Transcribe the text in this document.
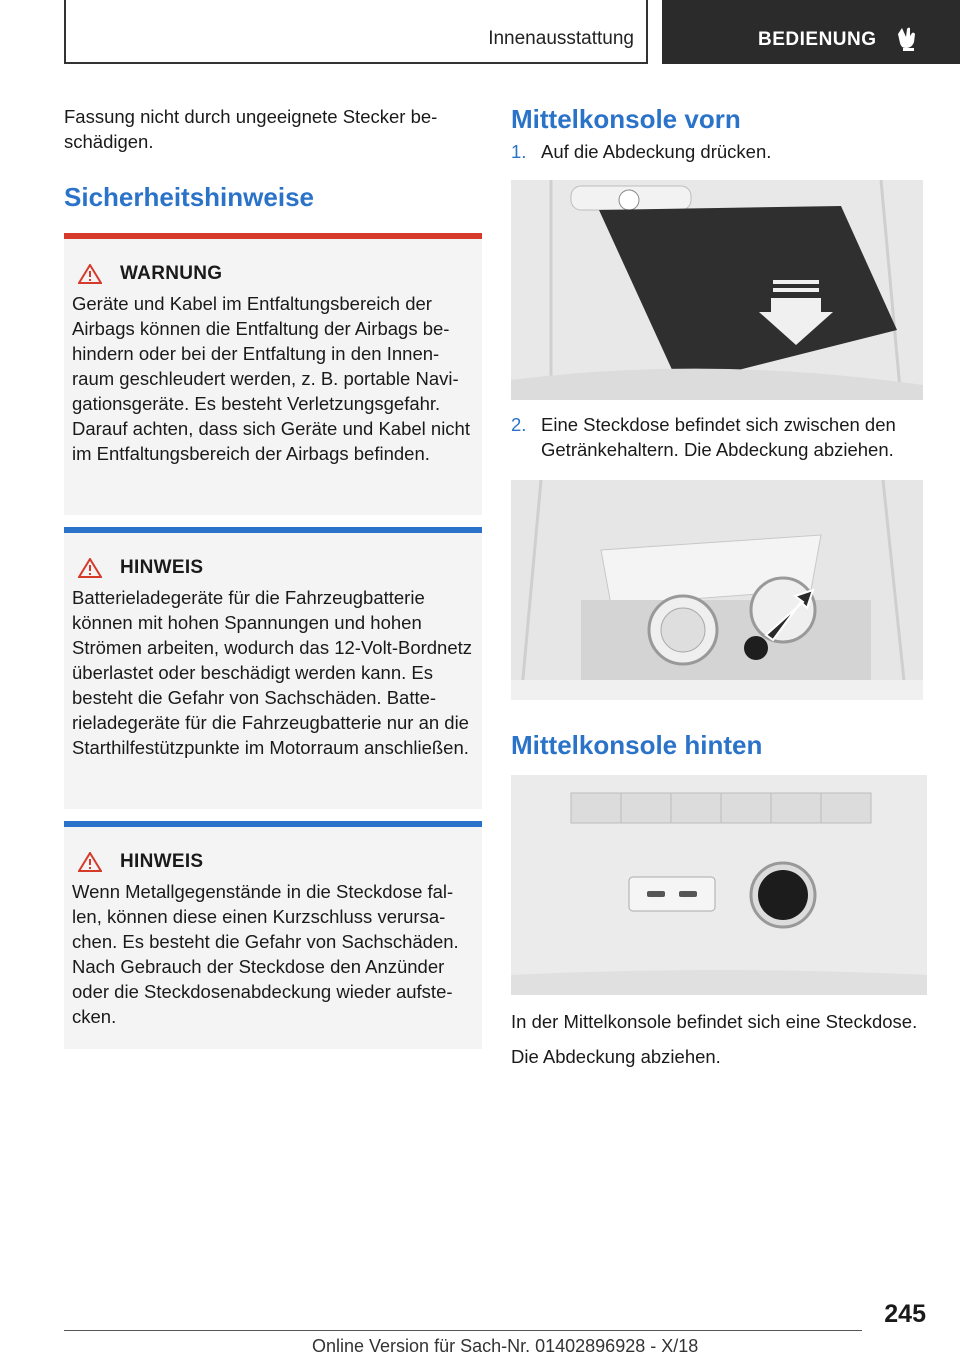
Innenausstattung	BEDIENUNG
Fassung nicht durch ungeeignete Stecker beschädigen.
Sicherheitshinweise
WARNUNG
Geräte und Kabel im Entfaltungsbereich der Airbags können die Entfaltung der Airbags behindern oder bei der Entfaltung in den Innenraum geschleudert werden, z. B. portable Navigationsgeräte. Es besteht Verletzungsgefahr. Darauf achten, dass sich Geräte und Kabel nicht im Entfaltungsbereich der Airbags befinden.
HINWEIS
Batterieladegeräte für die Fahrzeugbatterie können mit hohen Spannungen und hohen Strömen arbeiten, wodurch das 12-Volt-Bordnetz überlastet oder beschädigt werden kann. Es besteht die Gefahr von Sachschäden. Batterieladegeräte für die Fahrzeugbatterie nur an die Starthilfestützpunkte im Motorraum anschließen.
HINWEIS
Wenn Metallgegenstände in die Steckdose fallen, können diese einen Kurzschluss verursachen. Es besteht die Gefahr von Sachschäden. Nach Gebrauch der Steckdose den Anzünder oder die Steckdosenabdeckung wieder aufstecken.
Mittelkonsole vorn
1. Auf die Abdeckung drücken.
2. Eine Steckdose befindet sich zwischen den Getränkehaltern. Die Abdeckung abziehen.
Mittelkonsole hinten
In der Mittelkonsole befindet sich eine Steckdose.
Die Abdeckung abziehen.
245
Online Version für Sach-Nr. 01402896928 - X/18
